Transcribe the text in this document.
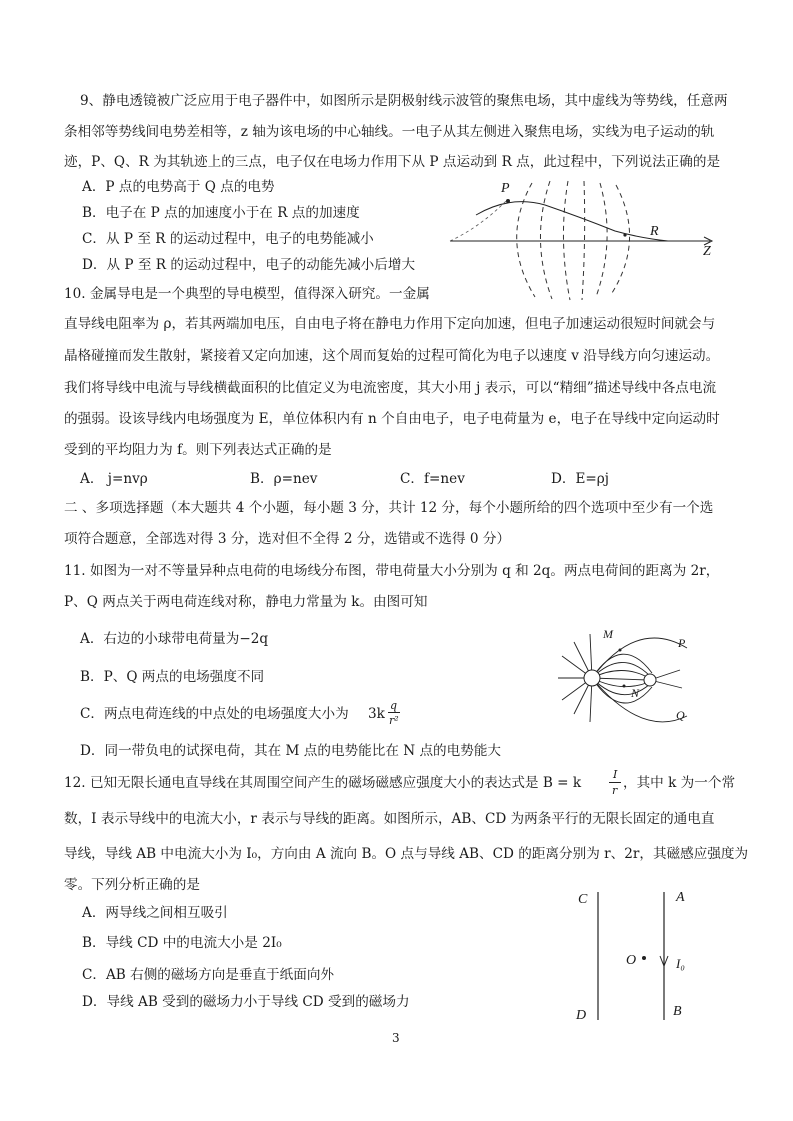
9、静电透镜被广泛应用于电子器件中，如图所示是阴极射线示波管的聚焦电场，其中虚线为等势线，任意两
条相邻等势线间电势差相等，z 轴为该电场的中心轴线。一电子从其左侧进入聚焦电场，实线为电子运动的轨
迹，P、Q、R 为其轨迹上的三点，电子仅在电场力作用下从 P 点运动到 R 点，此过程中，下列说法正确的是
A．P 点的电势高于 Q 点的电势
B．电子在 P 点的加速度小于在 R 点的加速度
C．从 P 至 R 的运动过程中，电子的电势能减小
D．从 P 至 R 的运动过程中，电子的动能先减小后增大
P
R
Z
10. 金属导电是一个典型的导电模型，值得深入研究。一金属
直导线电阻率为 ρ，若其两端加电压，自由电子将在静电力作用下定向加速，但电子加速运动很短时间就会与
晶格碰撞而发生散射，紧接着又定向加速，这个周而复始的过程可简化为电子以速度 v 沿导线方向匀速运动。
我们将导线中电流与导线横截面积的比值定义为电流密度，其大小用 j 表示，可以“精细”描述导线中各点电流
的强弱。设该导线内电场强度为 E，单位体积内有 n 个自由电子，电子电荷量为 e，电子在导线中定向运动时
受到的平均阻力为 f。则下列表达式正确的是
A． j=nvρ	B．ρ=nev	C．f=nev	D．E=ρj
二 、多项选择题（本大题共 4 个小题，每小题 3 分，共计 12 分，每个小题所给的四个选项中至少有一个选
项符合题意，全部选对得 3 分，选对但不全得 2 分，选错或不选得 0 分）
11. 如图为一对不等量异种点电荷的电场线分布图，带电荷量大小分别为 q 和 2q。两点电荷间的距离为 2r，
P、Q 两点关于两电荷连线对称，静电力常量为 k。由图可知
A．右边的小球带电荷量为−2q
B．P、Q 两点的电场强度不同
C．两点电荷连线的中点处的电场强度大小为 3k
q
r²
D．同一带负电的试探电荷，其在 M 点的电势能比在 N 点的电势能大
M
P
N
Q
12. 已知无限长通电直导线在其周围空间产生的磁场磁感应强度大小的表达式是 B = k
I
r ，其中 k 为一个常
数，I 表示导线中的电流大小，r 表示与导线的距离。如图所示，AB、CD 为两条平行的无限长固定的通电直
导线，导线 AB 中电流大小为 I₀，方向由 A 流向 B。O 点与导线 AB、CD 的距离分别为 r、2r，其磁感应强度为
零。下列分析正确的是
A．两导线之间相互吸引
B．导线 CD 中的电流大小是 2I₀
C．AB 右侧的磁场方向是垂直于纸面向外
D．导线 AB 受到的磁场力小于导线 CD 受到的磁场力
C	A
O	I₀
D	B
3
